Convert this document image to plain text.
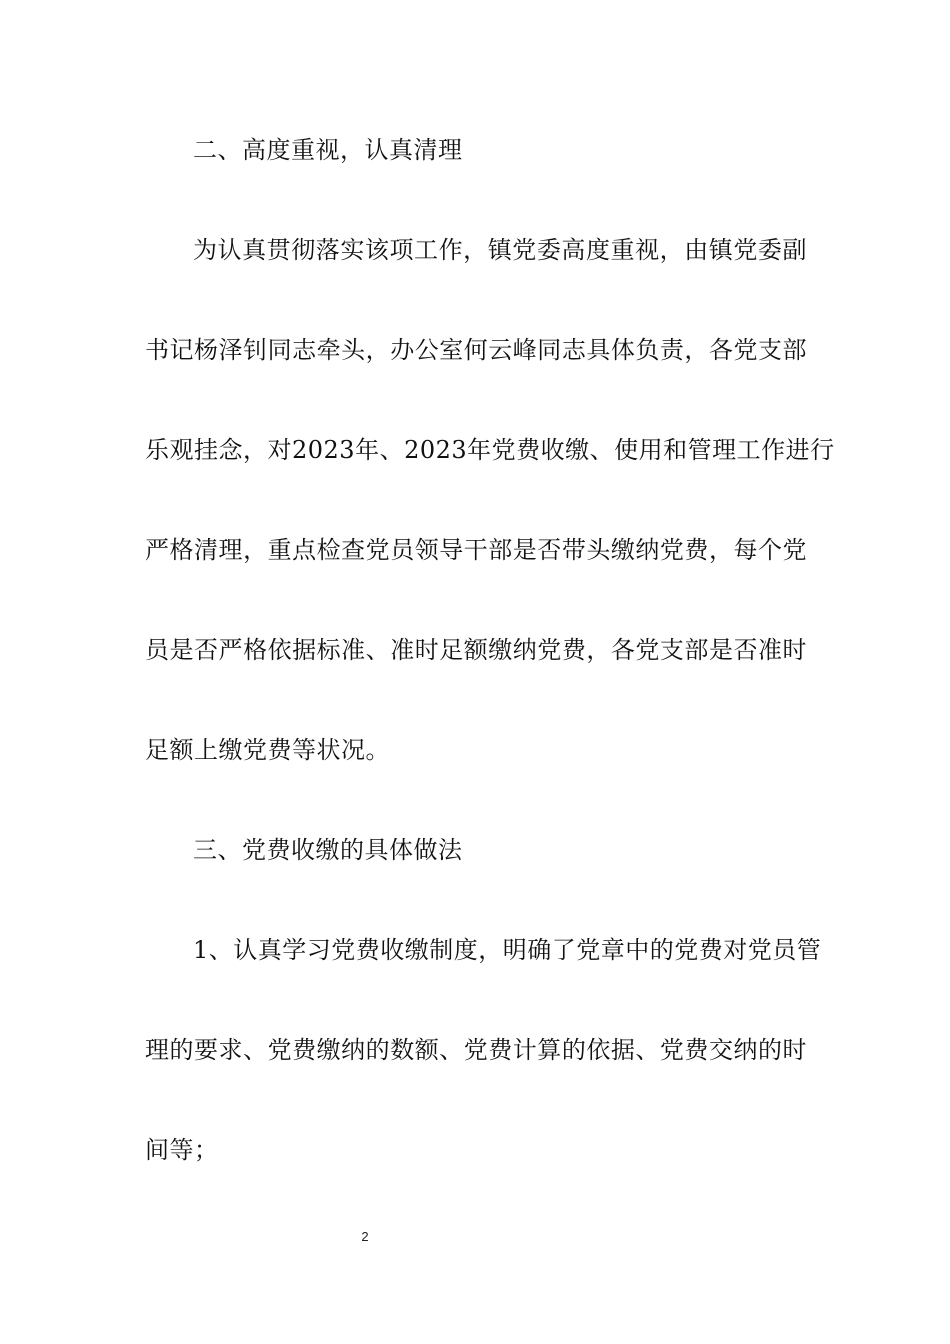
二、高度重视，认真清理
为认真贯彻落实该项工作，镇党委高度重视，由镇党委副
书记杨泽钊同志牵头，办公室何云峰同志具体负责，各党支部
乐观挂念，对2023年、2023年党费收缴、使用和管理工作进行
严格清理，重点检查党员领导干部是否带头缴纳党费，每个党
员是否严格依据标准、准时足额缴纳党费，各党支部是否准时
足额上缴党费等状况。
三、党费收缴的具体做法
1、认真学习党费收缴制度，明确了党章中的党费对党员管
理的要求、党费缴纳的数额、党费计算的依据、党费交纳的时
间等；
2
